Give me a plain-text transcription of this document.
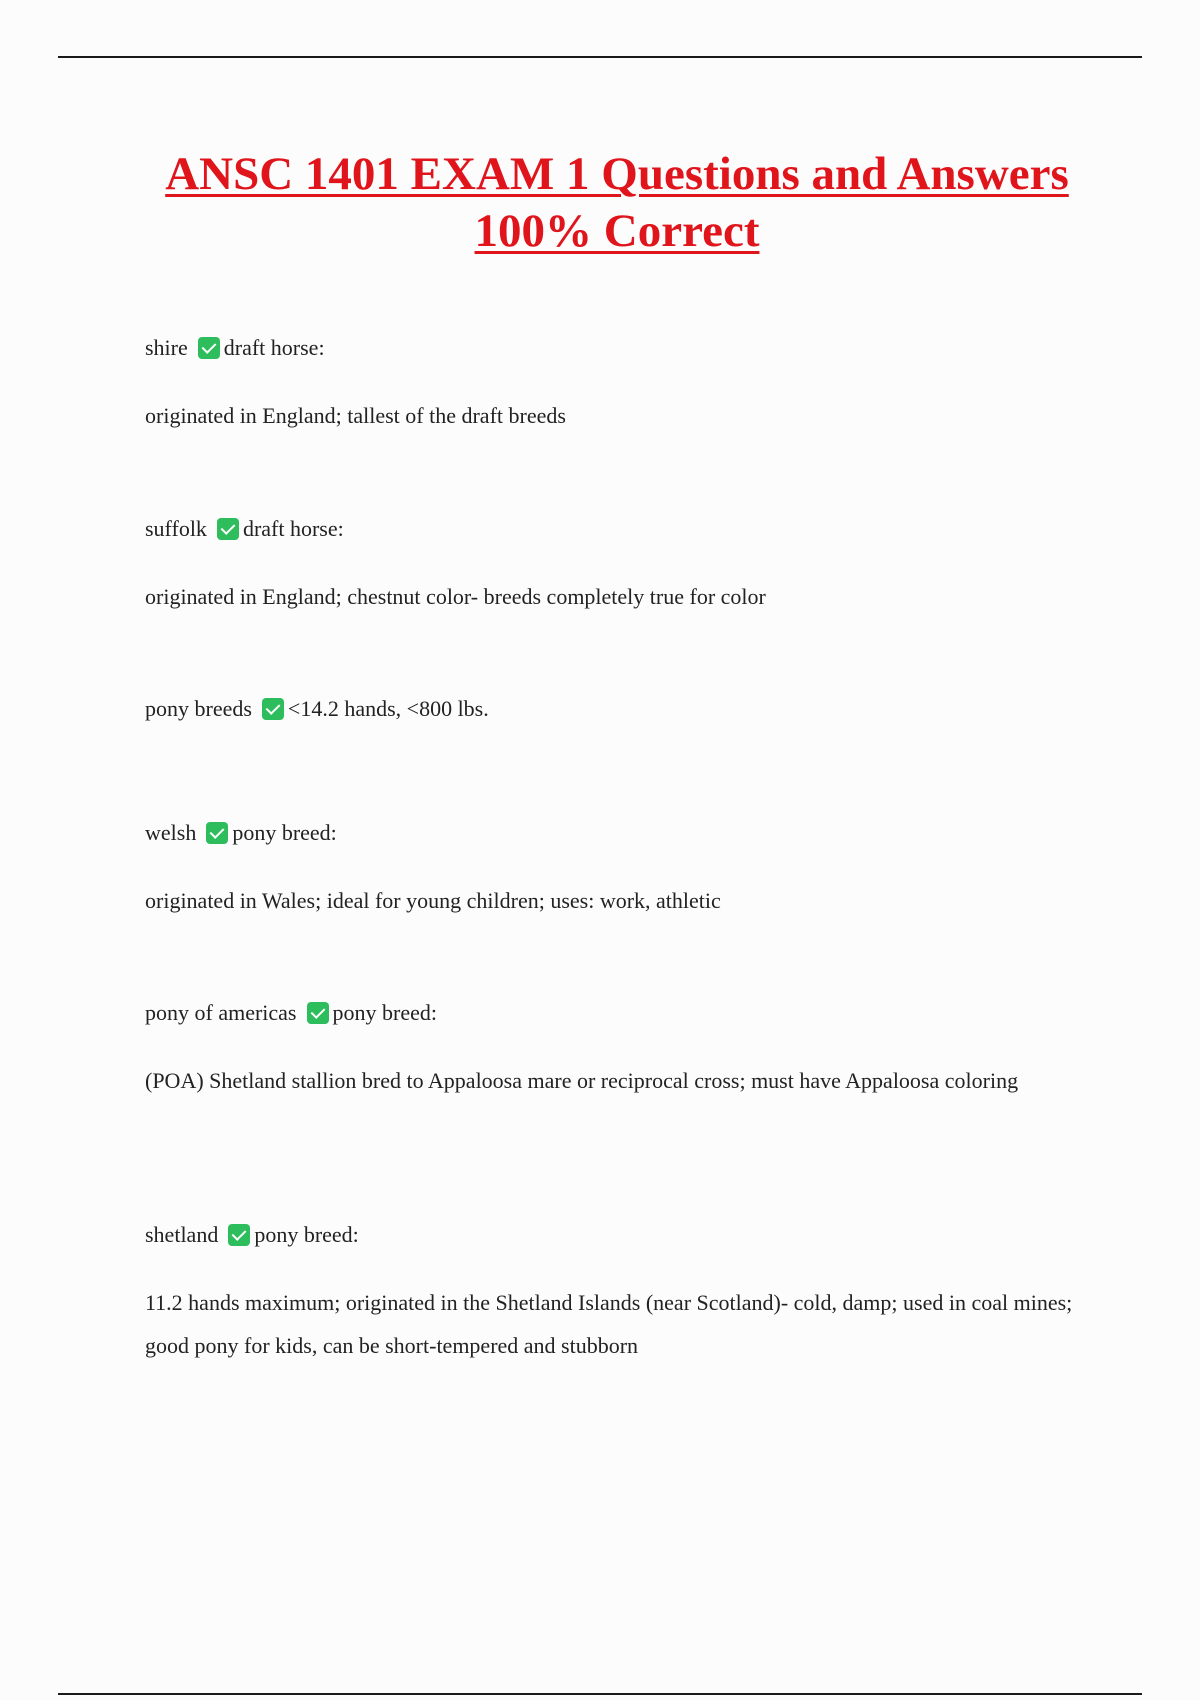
ANSC 1401 EXAM 1 Questions and Answers
100% Correct
shire draft horse:
originated in England; tallest of the draft breeds
suffolk draft horse:
originated in England; chestnut color- breeds completely true for color
pony breeds <14.2 hands, <800 lbs.
welsh pony breed:
originated in Wales; ideal for young children; uses: work, athletic
pony of americas pony breed:
(POA) Shetland stallion bred to Appaloosa mare or reciprocal cross; must have Appaloosa coloring
shetland pony breed:
11.2 hands maximum; originated in the Shetland Islands (near Scotland)- cold, damp; used in coal mines; good pony for kids, can be short-tempered and stubborn
